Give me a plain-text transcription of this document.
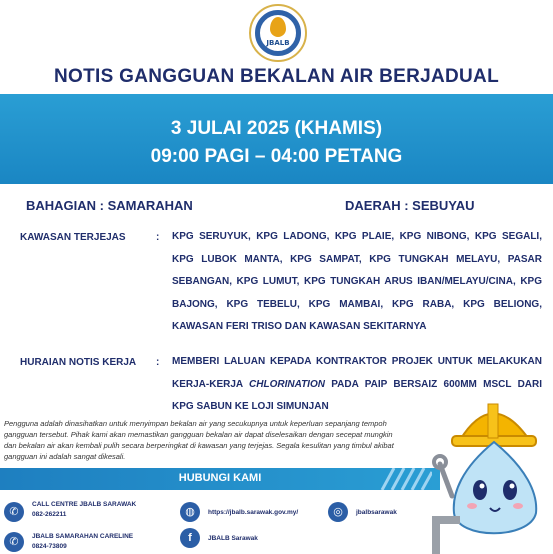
JBALB
NOTIS GANGGUAN BEKALAN AIR BERJADUAL
3 JULAI 2025 (KHAMIS)
09:00 PAGI – 04:00 PETANG
BAHAGIAN : SAMARAHAN	DAERAH : SEBUYAU
KAWASAN TERJEJAS	: KPG SERUYUK, KPG LADONG, KPG PLAIE, KPG NIBONG, KPG SEGALI, KPG LUBOK MANTA, KPG SAMPAT, KPG TUNGKAH MELAYU, PASAR SEBANGAN, KPG LUMUT, KPG TUNGKAH ARUS IBAN/MELAYU/CINA, KPG BAJONG, KPG TEBELU, KPG MAMBAI, KPG RABA, KPG BELIONG, KAWASAN FERI TRISO DAN KAWASAN SEKITARNYA
HURAIAN NOTIS KERJA : MEMBERI LALUAN KEPADA KONTRAKTOR PROJEK UNTUK MELAKUKAN KERJA-KERJA CHLORINATION PADA PAIP BERSAIZ 600MM MSCL DARI KPG SABUN KE LOJI SIMUNJAN
Pengguna adalah dinasihatkan untuk menyimpan bekalan air yang secukupnya untuk keperluan sepanjang tempoh gangguan tersebut. Pihak kami akan memastikan gangguan bekalan air dapat diselesaikan dengan secepat mungkin dan bekalan air akan kembali pulih secara berperingkat di kawasan yang terjejas. Segala kesulitan yang timbul akibat gangguan ini adalah sangat dikesali.
HUBUNGI KAMI
✆
CALL CENTRE JBALB SARAWAK
082-262211
✆	JBALB SAMARAHAN CARELINE
0824-73809
◍	https://jbalb.sarawak.gov.my/
f	JBALB Sarawak
◎	jbalbsarawak
